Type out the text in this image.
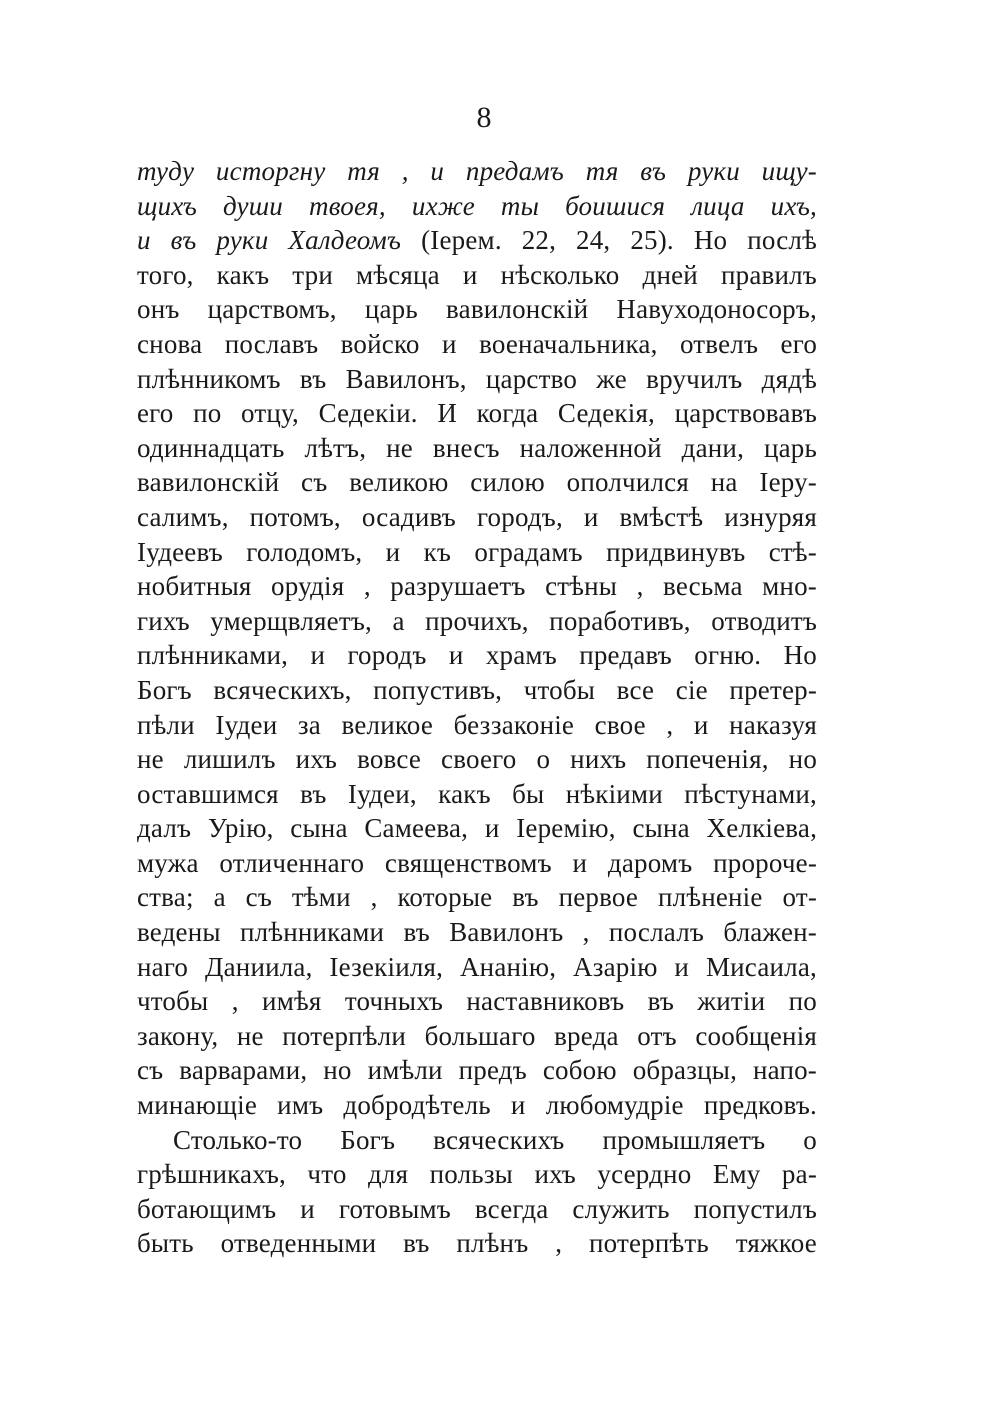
8
тудy исторгнy тя , и предамъ тя въ руки ищу-
щихъ души твоея, ихже ты боишися лица ихъ,
и въ руки Халдеомъ (Iерем. 22, 24, 25). Но послѣ
того, какъ три мѣсяца и нѣсколько дней правилъ
онъ царствомъ, царь вавилонскiй Навуходоносоръ,
снова пославъ войско и военачальника, отвелъ его
плѣнникомъ въ Вавилонъ, царство же вручилъ дядѣ
его по отцу, Седекiи. И когда Седекiя, царствовавъ
одиннадцать лѣтъ, не внесъ наложенной дани, царь
вавилонскiй съ великою силою ополчился на Iеру-
салимъ, потомъ, осадивъ городъ, и вмѣстѣ изнуряя
Iудеевъ голодомъ, и къ оградамъ придвинувъ стѣ-
нобитныя орудiя , разрушаетъ стѣны , весьма мно-
гихъ умерщвляетъ, а прочихъ, поработивъ, отводитъ
плѣнниками, и городъ и храмъ предавъ огню. Но
Богъ всяческихъ, попустивъ, чтобы все сiе претер-
пѣли Iудеи за великое беззаконiе свое , и наказуя
не лишилъ ихъ вовсе своего о нихъ попеченiя, но
оставшимся въ Iудеи, какъ бы нѣкiими пѣстунами,
далъ Урiю, сына Самеева, и Iеремiю, сына Хелкiева,
мужа отличеннаго священствомъ и даромъ пророче-
ства; а съ тѣми , которые въ первое плѣненiе от-
ведены плѣнниками въ Вавилонъ , послалъ блажен-
наго Даниила, Iезекiиля, Ананiю, Азарiю и Мисаила,
чтобы , имѣя точныхъ наставниковъ въ житiи по
закону, не потерпѣли большаго вреда отъ сообщенiя
съ варварами, но имѣли предъ собою образцы, напо-
минающiе имъ добродѣтель и любомудрiе предковъ.
Столько-то Богъ всяческихъ промышляетъ о
грѣшникахъ, что для пользы ихъ усердно Ему ра-
ботающимъ и готовымъ всегда служить попустилъ
быть отведенными въ плѣнъ , потерпѣть тяжкое
